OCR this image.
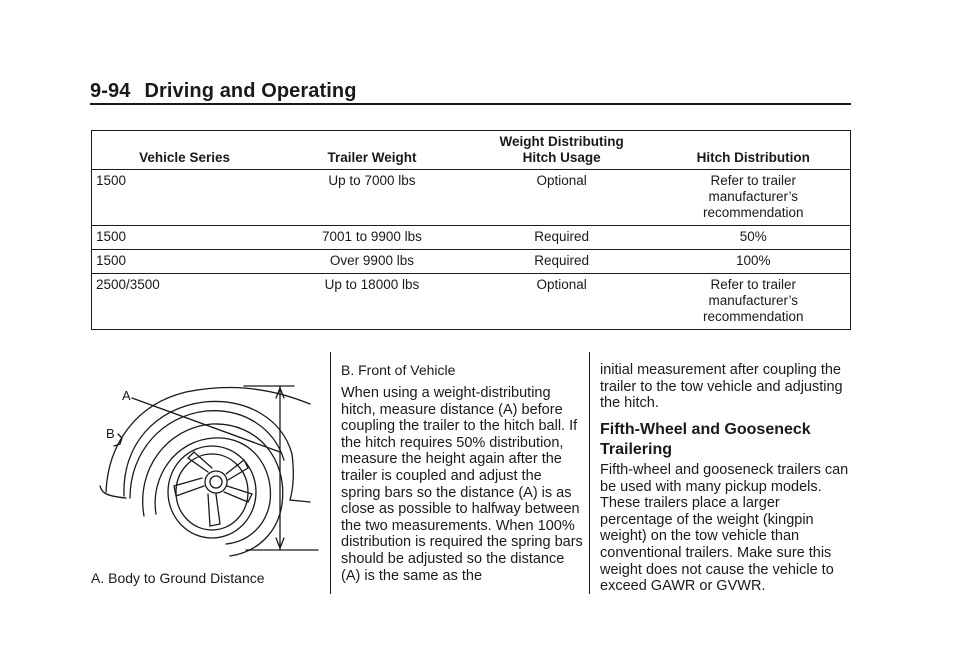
9-94 Driving and Operating
Vehicle Series	Trailer Weight	Weight Distributing Hitch Usage	Hitch Distribution
1500	Up to 7000 lbs	Optional	Refer to trailer manufacturer’s recommendation
1500	7001 to 9900 lbs	Required	50%
1500	Over 9900 lbs	Required	100%
2500/3500	Up to 18000 lbs	Optional	Refer to trailer manufacturer’s recommendation
A
B
A. Body to Ground Distance
B. Front of Vehicle

When using a weight-distributing hitch, measure distance (A) before coupling the trailer to the hitch ball. If the hitch requires 50% distribution, measure the height again after the trailer is coupled and adjust the spring bars so the distance (A) is as close as possible to halfway between the two measurements. When 100% distribution is required the spring bars should be adjusted so the distance (A) is the same as the

initial measurement after coupling the trailer to the tow vehicle and adjusting the hitch.

Fifth-Wheel and Gooseneck Trailering

Fifth-wheel and gooseneck trailers can be used with many pickup models. These trailers place a larger percentage of the weight (kingpin weight) on the tow vehicle than conventional trailers. Make sure this weight does not cause the vehicle to exceed GAWR or GVWR.
